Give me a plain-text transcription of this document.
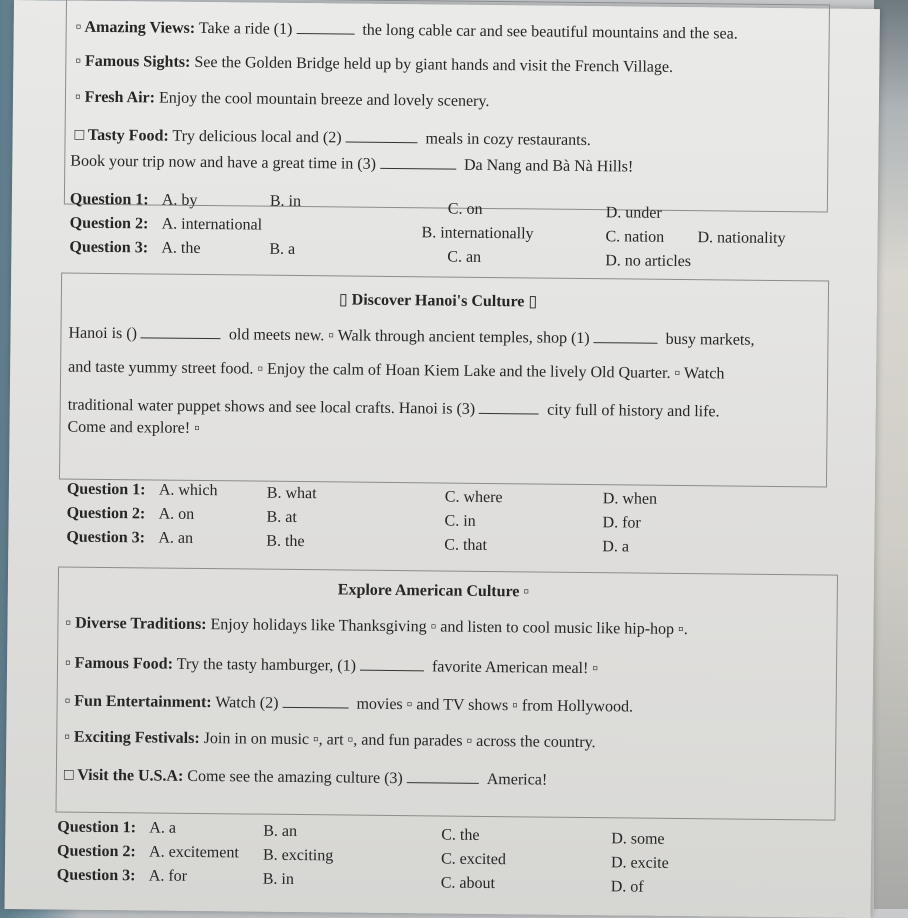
▫ Amazing Views: Take a ride (1)	the long cable car and see beautiful mountains and the sea.
▫ Famous Sights: See the Golden Bridge held up by giant hands and visit the French Village.
▫ Fresh Air: Enjoy the cool mountain breeze and lovely scenery.
□ Tasty Food: Try delicious local and (2)	meals in cozy restaurants.
Book your trip now and have a great time in (3)	Da Nang and Bà Nà Hills!
Question 1: A. by	B. in	C. on	D. under
Question 2: A. international	B. internationally	C. nation D. nationality
Question 3: A. the	B. a	C. an	D. no articles
▯ Discover Hanoi's Culture ▯
Hanoi is ()	old meets new. ▫ Walk through ancient temples, shop (1)	busy markets,
and taste yummy street food. ▫ Enjoy the calm of Hoan Kiem Lake and the lively Old Quarter. ▫ Watch
traditional water puppet shows and see local crafts. Hanoi is (3)	city full of history and life.
Come and explore! ▫
Question 1: A. which	B. what	C. where	D. when
Question 2: A. on	B. at	C. in	D. for
Question 3: A. an	B. the	C. that	D. a
Explore American Culture ▫
▫ Diverse Traditions: Enjoy holidays like Thanksgiving ▫ and listen to cool music like hip-hop ▫.
▫ Famous Food: Try the tasty hamburger, (1)	favorite American meal! ▫
▫ Fun Entertainment: Watch (2)	movies ▫ and TV shows ▫ from Hollywood.
▫ Exciting Festivals: Join in on music ▫, art ▫, and fun parades ▫ across the country.
□ Visit the U.S.A: Come see the amazing culture (3)	America!
Question 1: A. a	B. an	C. the	D. some
Question 2: A. excitement B. exciting	C. excited	D. excite
Question 3: A. for	B. in	C. about	D. of
